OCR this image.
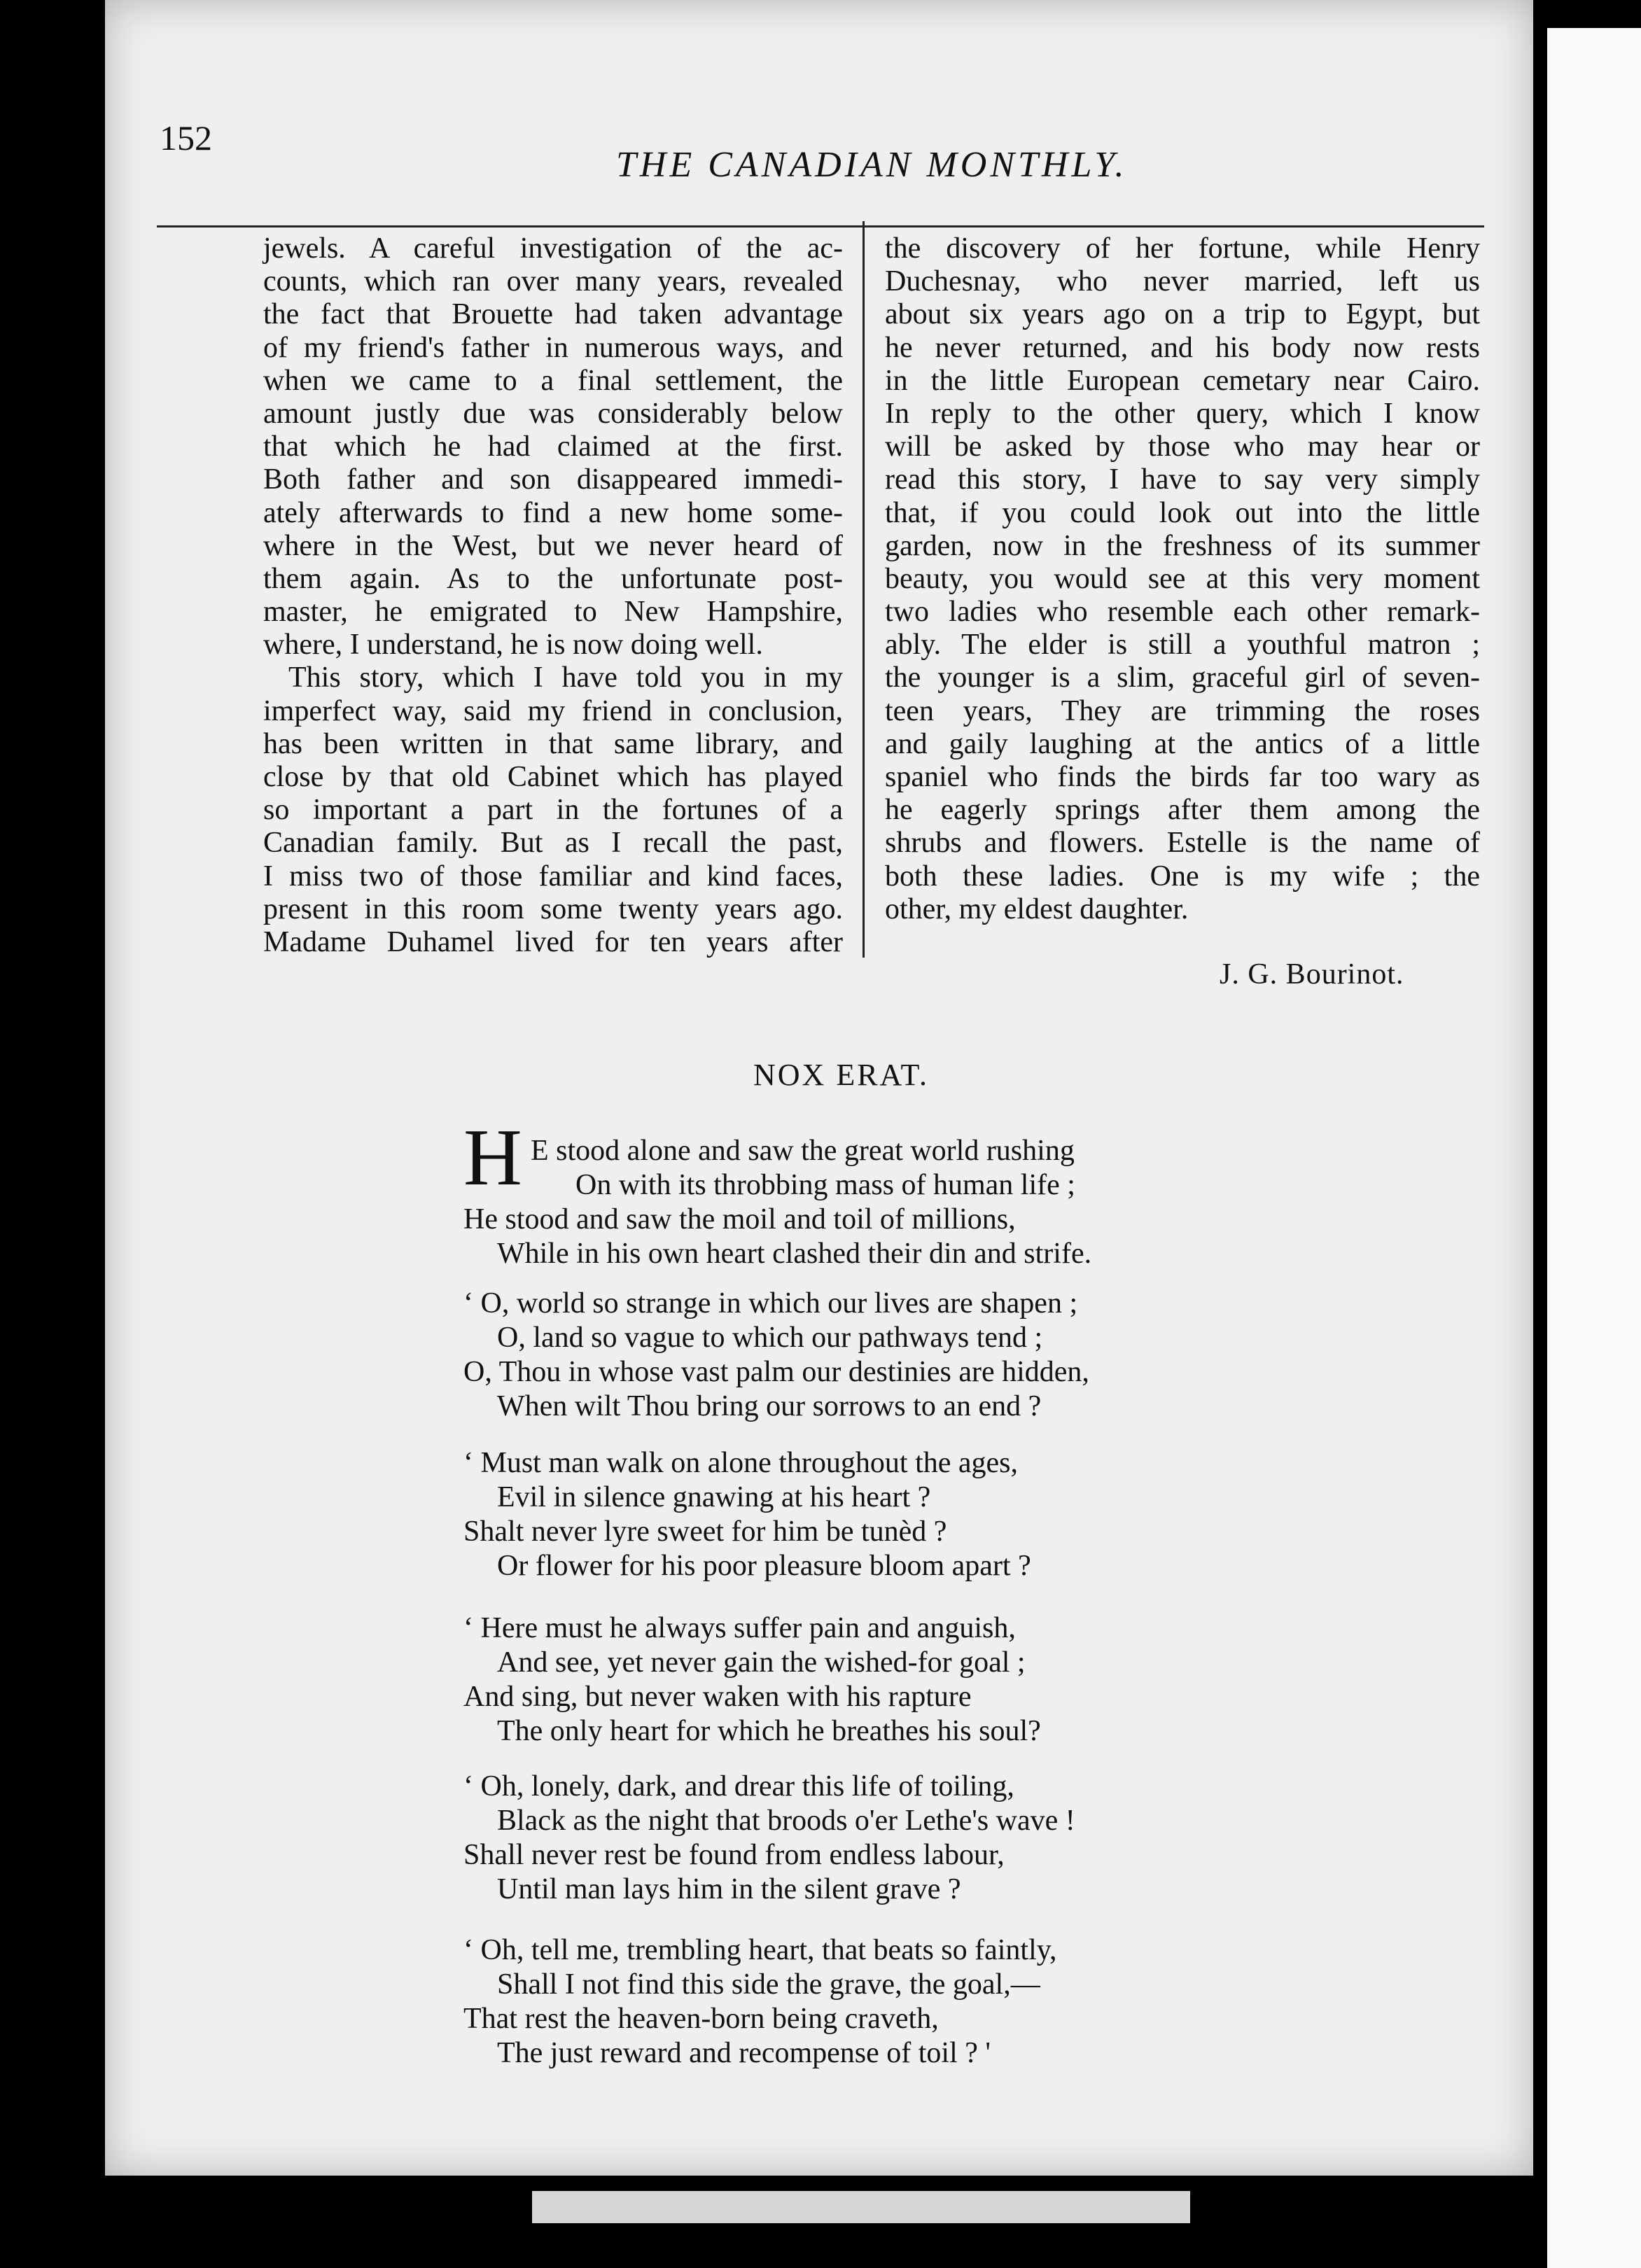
152
THE CANADIAN MONTHLY.
jewels. A careful investigation of the ac-
counts, which ran over many years, revealed
the fact that Brouette had taken advantage
of my friend's father in numerous ways, and
when we came to a final settlement, the
amount justly due was considerably below
that which he had claimed at the first.
Both father and son disappeared immedi-
ately afterwards to find a new home some-
where in the West, but we never heard of
them again. As to the unfortunate post-
master, he emigrated to New Hampshire,
where, I understand, he is now doing well.
This story, which I have told you in my
imperfect way, said my friend in conclusion,
has been written in that same library, and
close by that old Cabinet which has played
so important a part in the fortunes of a
Canadian family. But as I recall the past,
I miss two of those familiar and kind faces,
present in this room some twenty years ago.
Madame Duhamel lived for ten years after
the discovery of her fortune, while Henry
Duchesnay, who never married, left us
about six years ago on a trip to Egypt, but
he never returned, and his body now rests
in the little European cemetary near Cairo.
In reply to the other query, which I know
will be asked by those who may hear or
read this story, I have to say very simply
that, if you could look out into the little
garden, now in the freshness of its summer
beauty, you would see at this very moment
two ladies who resemble each other remark-
ably. The elder is still a youthful matron ;
the younger is a slim, graceful girl of seven-
teen years, They are trimming the roses
and gaily laughing at the antics of a little
spaniel who finds the birds far too wary as
he eagerly springs after them among the
shrubs and flowers. Estelle is the name of
both these ladies. One is my wife ; the
other, my eldest daughter.
J. G. Bourinot.
NOX ERAT.
H E stood alone and saw the great world rushing
On with its throbbing mass of human life ;
He stood and saw the moil and toil of millions,
While in his own heart clashed their din and strife.
‘ O, world so strange in which our lives are shapen ;
O, land so vague to which our pathways tend ;
O, Thou in whose vast palm our destinies are hidden,
When wilt Thou bring our sorrows to an end ?
‘ Must man walk on alone throughout the ages,
Evil in silence gnawing at his heart ?
Shalt never lyre sweet for him be tunèd ?
Or flower for his poor pleasure bloom apart ?
‘ Here must he always suffer pain and anguish,
And see, yet never gain the wished-for goal ;
And sing, but never waken with his rapture
The only heart for which he breathes his soul?
‘ Oh, lonely, dark, and drear this life of toiling,
Black as the night that broods o'er Lethe's wave !
Shall never rest be found from endless labour,
Until man lays him in the silent grave ?
‘ Oh, tell me, trembling heart, that beats so faintly,
Shall I not find this side the grave, the goal,—
That rest the heaven-born being craveth,
The just reward and recompense of toil ? '
